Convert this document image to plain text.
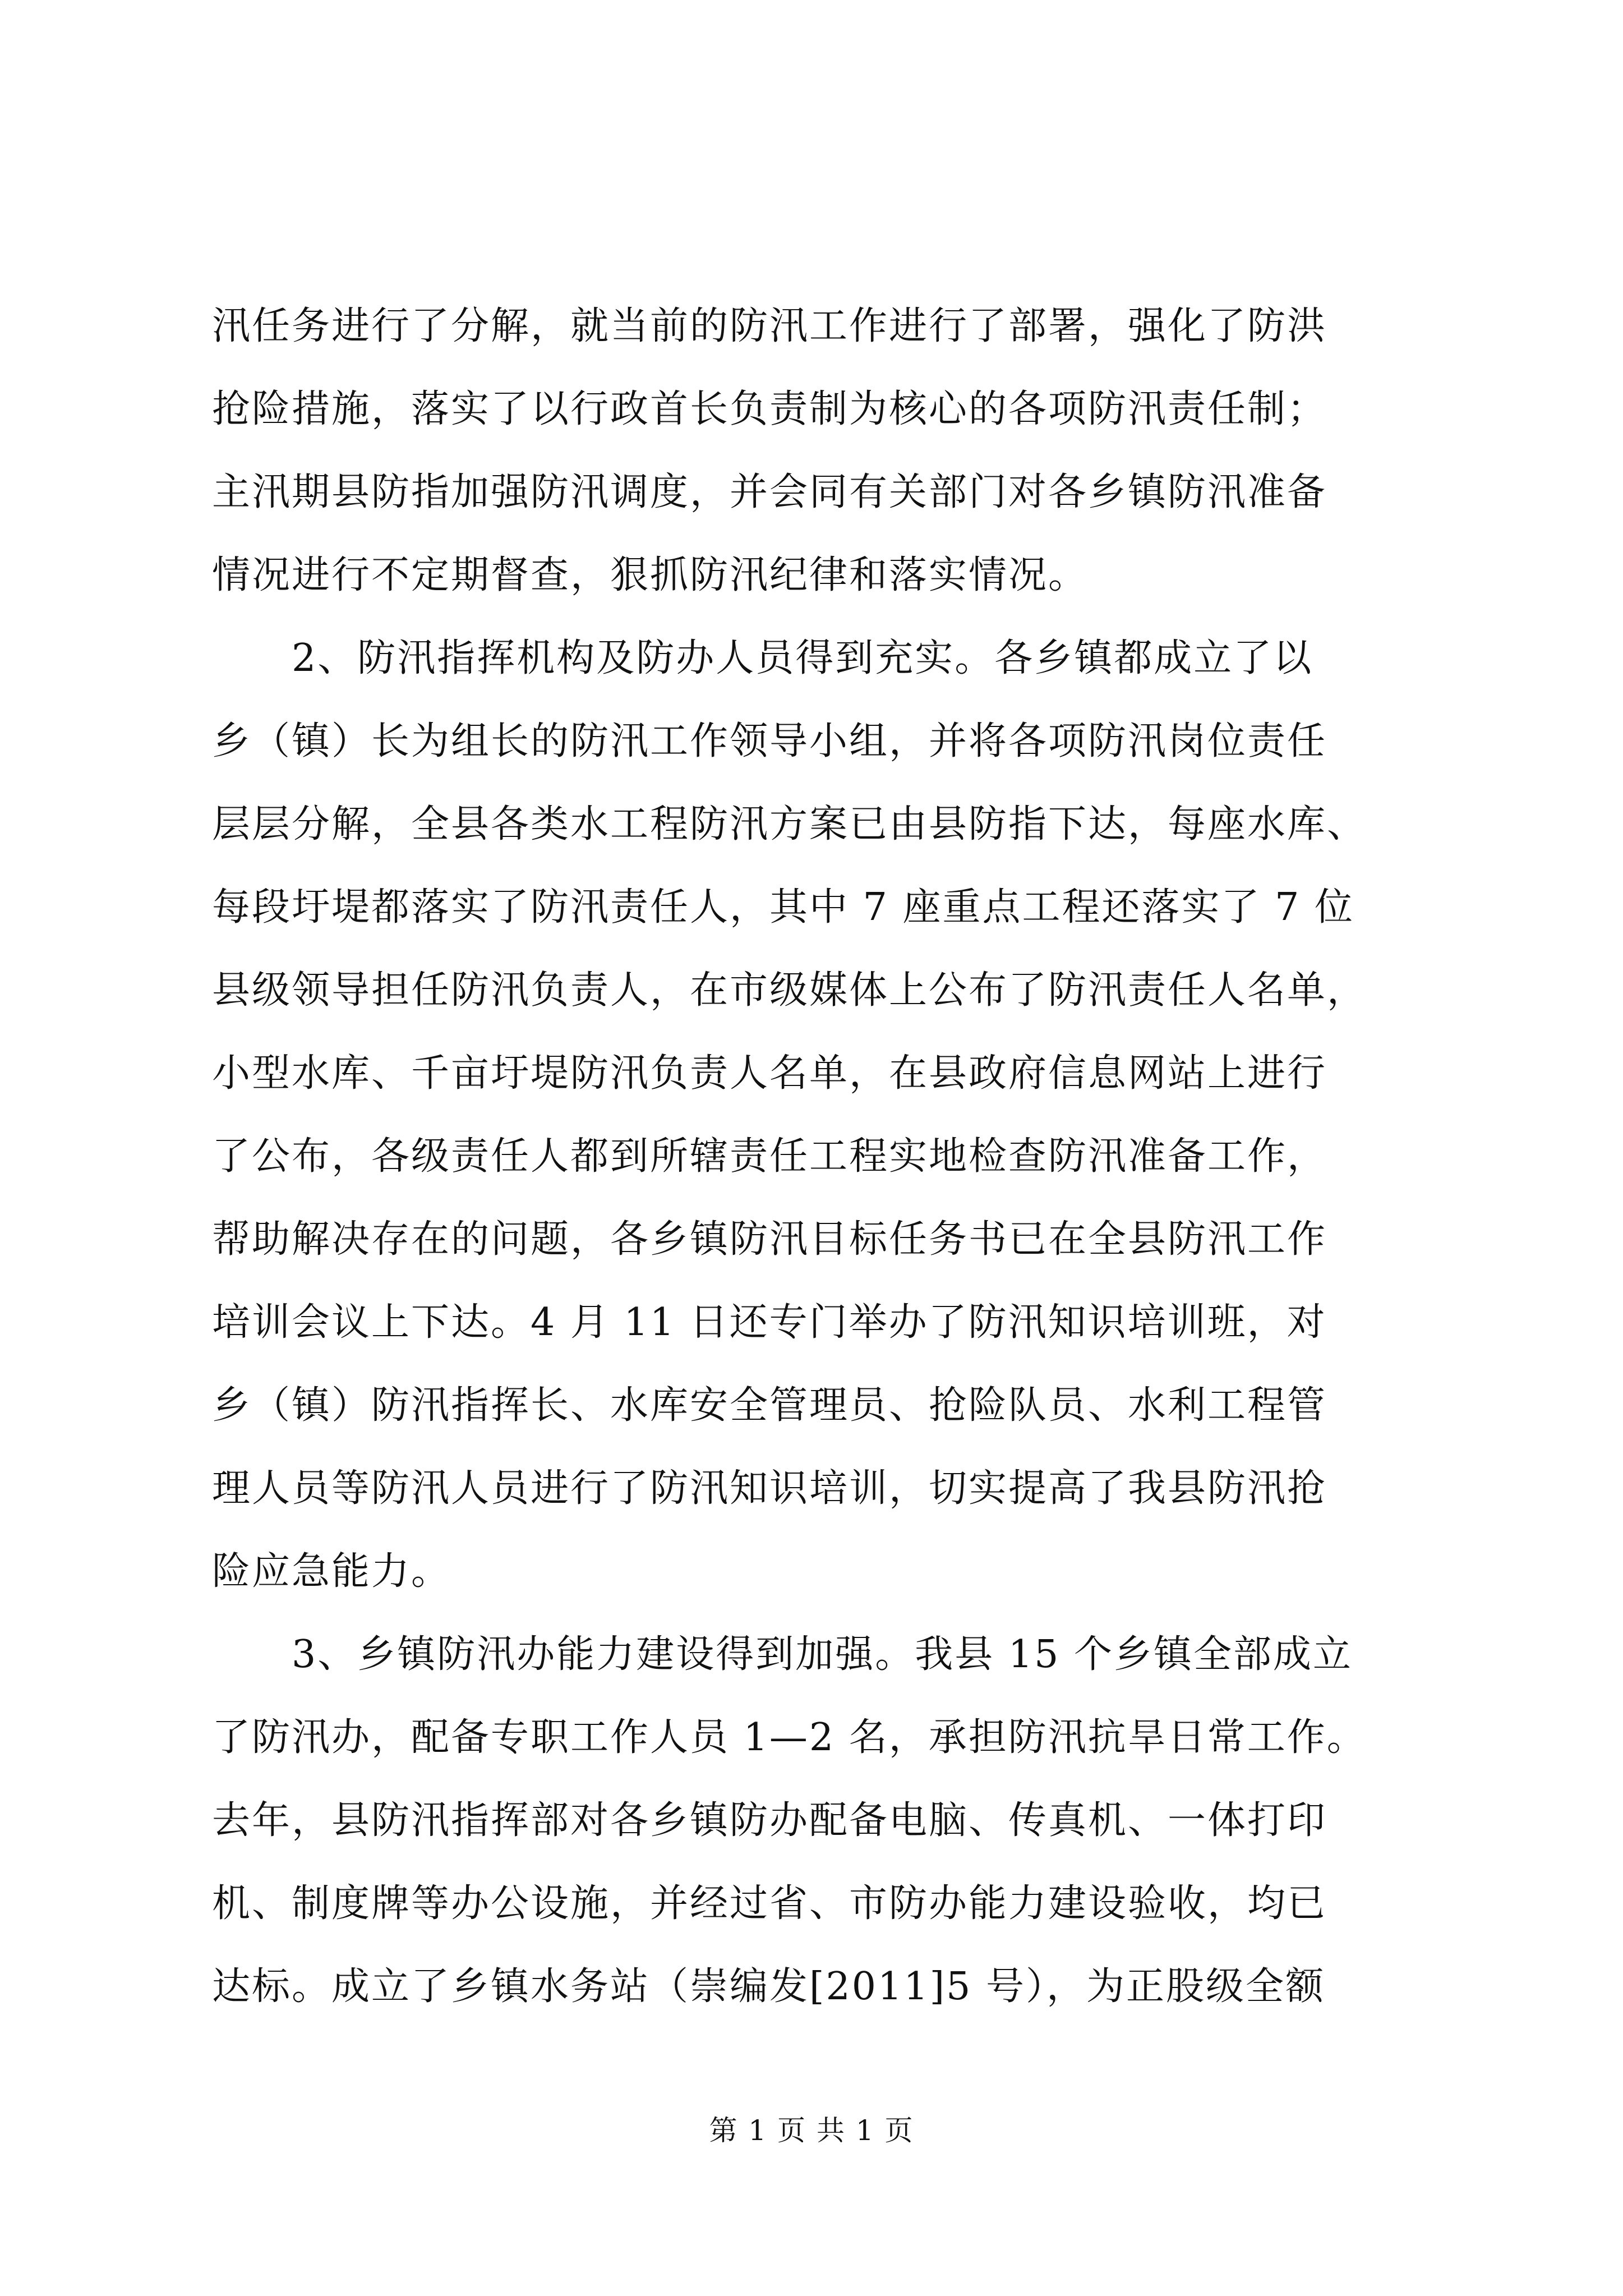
汛任务进行了分解，就当前的防汛工作进行了部署，强化了防洪
抢险措施，落实了以行政首长负责制为核心的各项防汛责任制；
主汛期县防指加强防汛调度，并会同有关部门对各乡镇防汛准备
情况进行不定期督查，狠抓防汛纪律和落实情况。
　　2、防汛指挥机构及防办人员得到充实。各乡镇都成立了以
乡（镇）长为组长的防汛工作领导小组，并将各项防汛岗位责任
层层分解，全县各类水工程防汛方案已由县防指下达，每座水库、
每段圩堤都落实了防汛责任人，其中 7 座重点工程还落实了 7 位
县级领导担任防汛负责人，在市级媒体上公布了防汛责任人名单，
小型水库、千亩圩堤防汛负责人名单，在县政府信息网站上进行
了公布，各级责任人都到所辖责任工程实地检查防汛准备工作，
帮助解决存在的问题，各乡镇防汛目标任务书已在全县防汛工作
培训会议上下达。4 月 11 日还专门举办了防汛知识培训班，对
乡（镇）防汛指挥长、水库安全管理员、抢险队员、水利工程管
理人员等防汛人员进行了防汛知识培训，切实提高了我县防汛抢
险应急能力。
　　3、乡镇防汛办能力建设得到加强。我县 15 个乡镇全部成立
了防汛办，配备专职工作人员 1—2 名，承担防汛抗旱日常工作。
去年，县防汛指挥部对各乡镇防办配备电脑、传真机、一体打印
机、制度牌等办公设施，并经过省、市防办能力建设验收，均已
达标。成立了乡镇水务站（崇编发[2011]5 号），为正股级全额
第 1 页 共 1 页
